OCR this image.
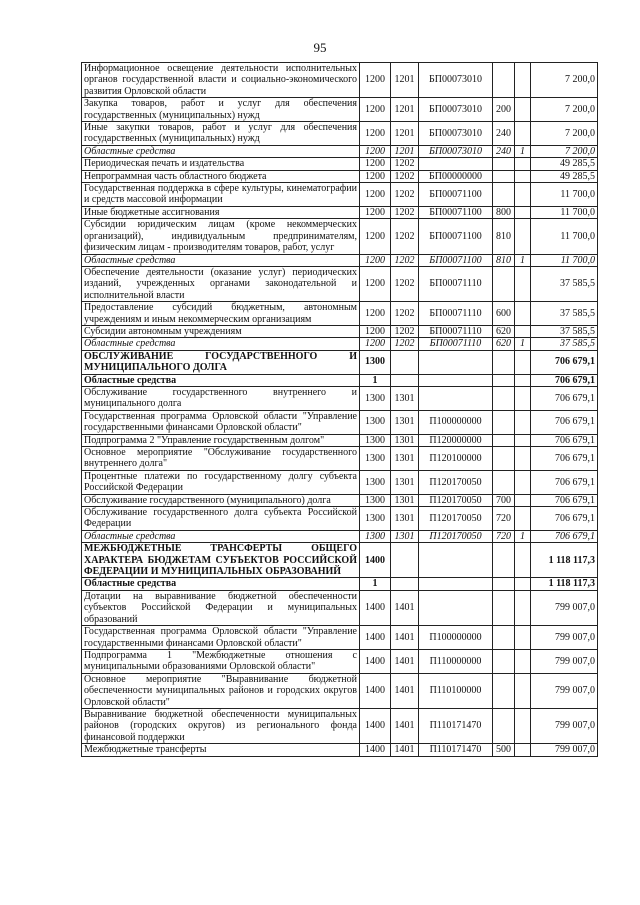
95
Информационное освещение деятельности исполнительных органов государственной власти и социально-экономического развития Орловской области	1200	1201	БП00073010			7 200,0
Закупка товаров, работ и услуг для обеспечения государственных (муниципальных) нужд	1200	1201	БП00073010	200		7 200,0
Иные закупки товаров, работ и услуг для обеспечения государственных (муниципальных) нужд	1200	1201	БП00073010	240		7 200,0
Областные средства	1200	1201	БП00073010	240	1	7 200,0
Периодическая печать и издательства	1200	1202				49 285,5
Непрограммная часть областного бюджета	1200	1202	БП00000000			49 285,5
Государственная поддержка в сфере культуры, кинематографии и средств массовой информации	1200	1202	БП00071100			11 700,0
Иные бюджетные ассигнования	1200	1202	БП00071100	800		11 700,0
Субсидии юридическим лицам (кроме некоммерческих организаций), индивидуальным предпринимателям, физическим лицам - производителям товаров, работ, услуг	1200	1202	БП00071100	810		11 700,0
Областные средства	1200	1202	БП00071100	810	1	11 700,0
Обеспечение деятельности (оказание услуг) периодических изданий, учрежденных органами законодательной и исполнительной власти	1200	1202	БП00071110			37 585,5
Предоставление субсидий бюджетным, автономным учреждениям и иным некоммерческим организациям	1200	1202	БП00071110	600		37 585,5
Субсидии автономным учреждениям	1200	1202	БП00071110	620		37 585,5
Областные средства	1200	1202	БП00071110	620	1	37 585,5
ОБСЛУЖИВАНИЕ ГОСУДАРСТВЕННОГО И МУНИЦИПАЛЬНОГО ДОЛГА	1300					706 679,1
Областные средства	1					706 679,1
Обслуживание государственного внутреннего и муниципального долга	1300	1301				706 679,1
Государственная программа Орловской области "Управление государственными финансами Орловской области"	1300	1301	П100000000			706 679,1
Подпрограмма 2 "Управление государственным долгом"	1300	1301	П120000000			706 679,1
Основное мероприятие "Обслуживание государственного внутреннего долга"	1300	1301	П120100000			706 679,1
Процентные платежи по государственному долгу субъекта Российской Федерации	1300	1301	П120170050			706 679,1
Обслуживание государственного (муниципального) долга	1300	1301	П120170050	700		706 679,1
Обслуживание государственного долга субъекта Российской Федерации	1300	1301	П120170050	720		706 679,1
Областные средства	1300	1301	П120170050	720	1	706 679,1
МЕЖБЮДЖЕТНЫЕ ТРАНСФЕРТЫ ОБЩЕГО ХАРАКТЕРА БЮДЖЕТАМ СУБЪЕКТОВ РОССИЙСКОЙ ФЕДЕРАЦИИ И МУНИЦИПАЛЬНЫХ ОБРАЗОВАНИЙ	1400					1 118 117,3
Областные средства	1					1 118 117,3
Дотации на выравнивание бюджетной обеспеченности субъектов Российской Федерации и муниципальных образований	1400	1401				799 007,0
Государственная программа Орловской области "Управление государственными финансами Орловской области"	1400	1401	П100000000			799 007,0
Подпрограмма 1 "Межбюджетные отношения с муниципальными образованиями Орловской области"	1400	1401	П110000000			799 007,0
Основное мероприятие "Выравнивание бюджетной обеспеченности муниципальных районов и городских округов Орловской области"	1400	1401	П110100000			799 007,0
Выравнивание бюджетной обеспеченности муниципальных районов (городских округов) из регионального фонда финансовой поддержки	1400	1401	П110171470			799 007,0
Межбюджетные трансферты	1400	1401	П110171470	500		799 007,0
